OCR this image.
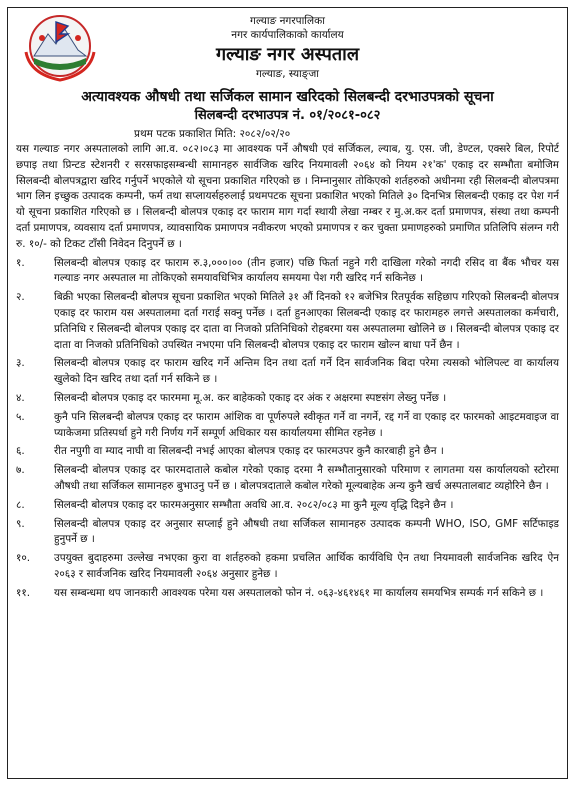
गल्याङ नगरपालिका
नगर कार्यपालिकाको कार्यालय
गल्याङ नगर अस्पताल
गल्याङ, स्याङ्जा
अत्यावश्यक औषधी तथा सर्जिकल सामान खरिदको सिलबन्दी दरभाउपत्रको सूचना
सिलबन्दी दरभाउपत्र नं. ०१/२०८१-०८२
प्रथम पटक प्रकाशित मिति: २०८२/०२/२०
यस गल्याङ नगर अस्पतालको लागि आ.व. ०८२।०८३ मा आवश्यक पर्ने औषधी एवं सर्जिकल, ल्याब, यु. एस. जी, डेण्टल, एक्सरे बिल, रिपोर्ट छपाइ तथा प्रिन्टड स्टेशनरी र सरसफाइसम्बन्धी सामानहरु सार्वजिक खरिद नियमावली २०६४ को नियम २१'क' एकाइ दर सम्भौता बमोजिम सिलबन्दी बोलपत्रद्वारा खरिद गर्नुपर्ने भएकोले यो सूचना प्रकाशित गरिएको छ । निम्नानुसार तोकिएको शर्तहरुको अधीनमा रही सिलबन्दी बोलपत्रमा भाग लिन इच्छुक उत्पादक कम्पनी, फर्म तथा सप्लायर्सहरुलाई प्रथमपटक सूचना प्रकाशित भएको मितिले ३० दिनभित्र सिलबन्दी एकाइ दर पेश गर्न यो सूचना प्रकाशित गरिएको छ । सिलबन्दी बोलपत्र एकाइ दर फाराम माग गर्दा स्थायी लेखा नम्बर र मु.अ.कर दर्ता प्रमाणपत्र, संस्था तथा कम्पनी दर्ता प्रमाणपत्र, व्यवसाय दर्ता प्रमाणपत्र, व्यावसायिक प्रमाणपत्र नवीकरण भएको प्रमाणपत्र र कर चुक्ता प्रमाणहरुको प्रमाणित प्रतिलिपि संलग्न गरी रु. १०/- को टिकट टाँसी निवेदन दिनुपर्ने छ ।
१.	सिलबन्दी बोलपत्र एकाइ दर फाराम रु.३,०००।०० (तीन हजार) पछि फिर्ता नहुने गरी दाखिला गरेको नगदी रसिद वा बैंक भौचर यस गल्याङ नगर अस्पताल मा तोकिएको समयावधिभित्र कार्यालय समयमा पेश गरी खरिद गर्न सकिनेछ ।
२.	बिक्री भएका सिलबन्दी बोलपत्र सूचना प्रकाशित भएको मितिले ३१ औं दिनको १२ बजेभित्र रितपूर्वक सहिछाप गरिएको सिलबन्दी बोलपत्र एकाइ दर फाराम यस अस्पतालमा दर्ता गराई सक्नु पर्नेछ । दर्ता हुनआएका सिलबन्दी एकाइ दर फारामहरु लगत्ते अस्पतालका कर्मचारी, प्रतिनिधि र सिलबन्दी बोलपत्र एकाइ दर दाता वा निजको प्रतिनिधिको रोहबरमा यस अस्पतालमा खोलिने छ । सिलबन्दी बोलपत्र एकाइ दर दाता वा निजको प्रतिनिधिको उपस्थित नभएमा पनि सिलबन्दी बोलपत्र एकाइ दर फाराम खोल्न बाधा पर्ने छैन ।
३.	सिलबन्दी बोलपत्र एकाइ दर फाराम खरिद गर्ने अन्तिम दिन तथा दर्ता गर्ने दिन सार्वजनिक बिदा परेमा त्यसको भोलिपल्ट वा कार्यालय खुलेको दिन खरिद तथा दर्ता गर्न सकिने छ ।
४.	सिलबन्दी बोलपत्र एकाइ दर फारममा मू.अ. कर बाहेकको एकाइ दर अंक र अक्षरमा स्पष्टसंग लेख्नु पर्नेछ ।
५.	कुनै पनि सिलबन्दी बोलपत्र एकाइ दर फाराम आंशिक वा पूर्णरुपले स्वीकृत गर्ने वा नगर्ने, रद्द गर्ने वा एकाइ दर फारमको आइटमवाइज वा प्याकेजमा प्रतिस्पर्धा हुने गरी निर्णय गर्ने सम्पूर्ण अधिकार यस कार्यालयमा सीमित रहनेछ ।
६.	रीत नपुगी वा म्याद नाघी वा सिलबन्दी नभई आएका बोलपत्र एकाइ दर फारमउपर कुनै कारबाही हुने छैन ।
७.	सिलबन्दी बोलपत्र एकाइ दर फारमदाताले कबोल गरेको एकाइ दरमा नै सम्भौतानुसारको परिमाण र लागतमा यस कार्यालयको स्टोरमा औषधी तथा सर्जिकल सामानहरु बुभाउनु पर्ने छ । बोलपत्रदाताले कबोल गरेको मूल्यबाहेक अन्य कुनै खर्च अस्पतालबाट व्यहोरिने छैन ।
८.	सिलबन्दी बोलपत्र एकाइ दर फारमअनुसार सम्भौता अवधि आ.व. २०८२/०८३ मा कुनै मूल्य वृद्धि दिइने छैन ।
९.	सिलबन्दी बोलपत्र एकाइ दर अनुसार सप्लाई हुने औषधी तथा सर्जिकल सामानहरु उत्पादक कम्पनी WHO, ISO, GMF सर्टिफाइड हुनुपर्ने छ ।
१०.	उपयुक्त बुदाहरुमा उल्लेख नभएका कुरा वा शर्तहरुको हकमा प्रचलित आर्थिक कार्यविधि ऐन तथा नियमावली सार्वजनिक खरिद ऐन २०६३ र सार्वजनिक खरिद नियमावली २०६४ अनुसार हुनेछ ।
११.	यस सम्बन्धमा थप जानकारी आवश्यक परेमा यस अस्पतालको फोन नं. ०६३-४६१४६१ मा कार्यालय समयभित्र सम्पर्क गर्न सकिने छ ।
